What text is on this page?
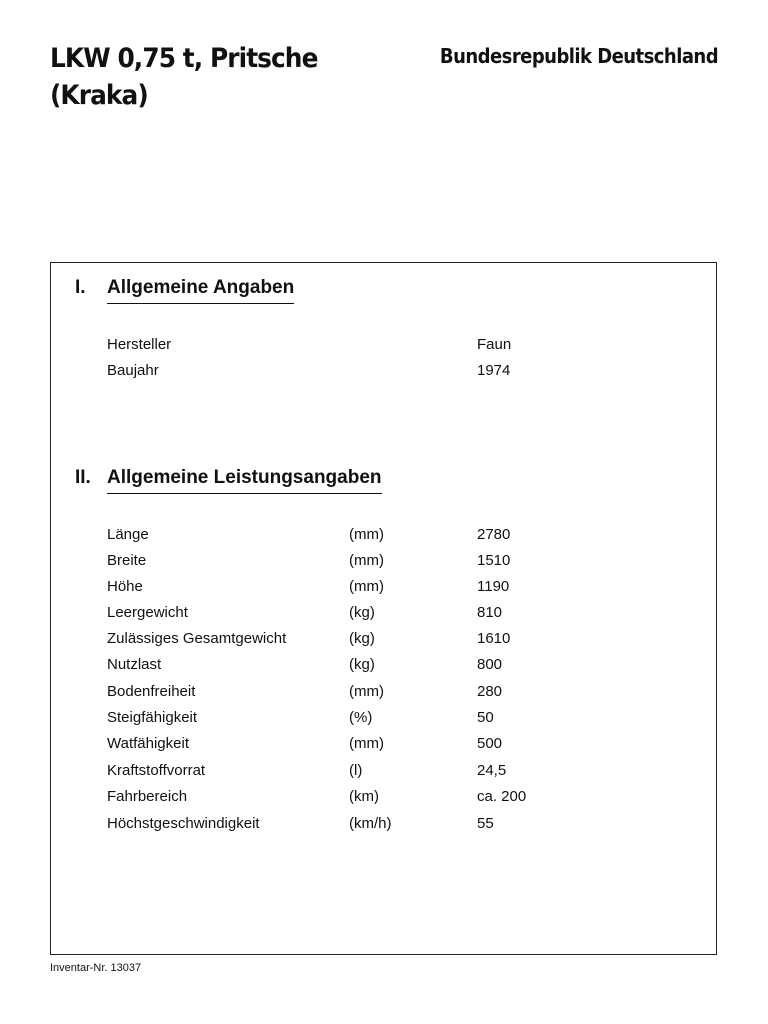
LKW 0,75 t, Pritsche
(Kraka)
Bundesrepublik Deutschland
I. Allgemeine Angaben
Hersteller	Faun
Baujahr	1974
II. Allgemeine Leistungsangaben
Länge	(mm)	2780
Breite	(mm)	1510
Höhe	(mm)	1190
Leergewicht	(kg)	810
Zulässiges Gesamtgewicht	(kg)	1610
Nutzlast	(kg)	800
Bodenfreiheit	(mm)	280
Steigfähigkeit	(%)	50
Watfähigkeit	(mm)	500
Kraftstoffvorrat	(l)	24,5
Fahrbereich	(km)	ca. 200
Höchstgeschwindigkeit	(km/h)	55
Inventar-Nr. 13037
